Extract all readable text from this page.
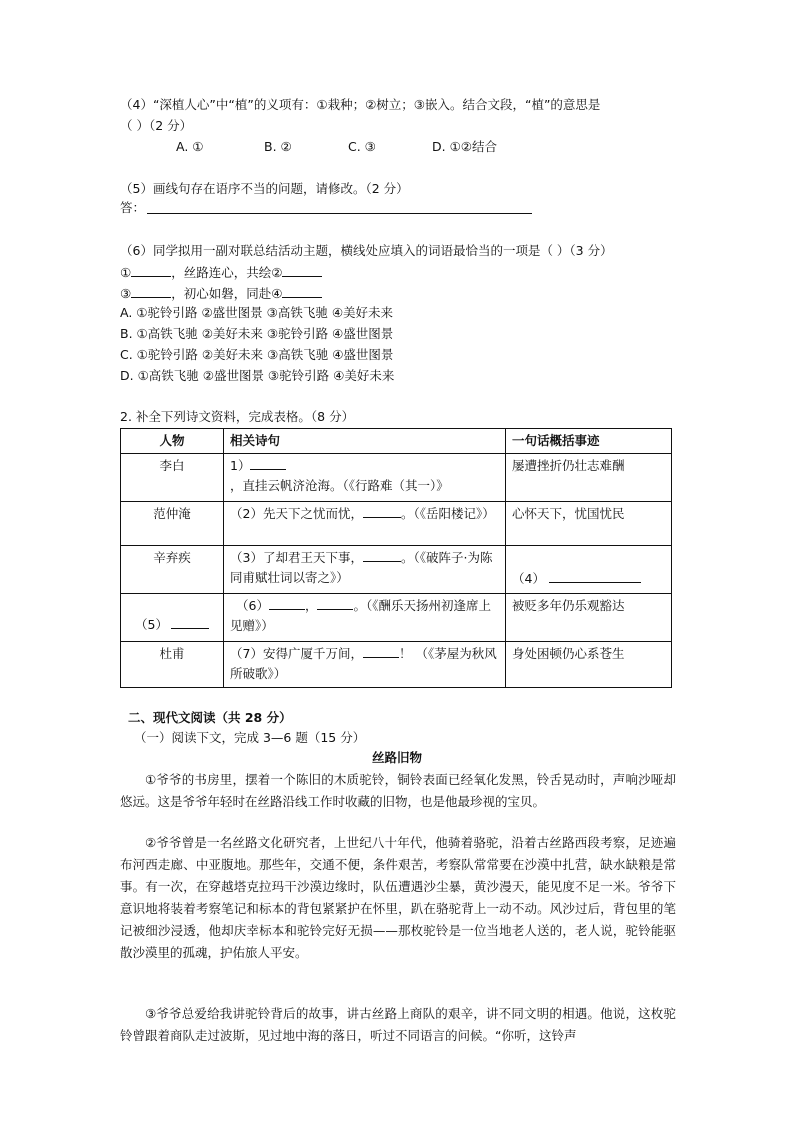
（4）“深植人心”中“植”的义项有：①栽种；②树立；③嵌入。结合文段，“植”的意思是
（ ）（2 分）
A. ①	B. ②	C. ③	D. ①②结合
（5）画线句存在语序不当的问题，请修改。（2 分）
答：
（6）同学拟用一副对联总结活动主题，横线处应填入的词语最恰当的一项是（ ）（3 分）
①	，丝路连心，共绘②
③	，初心如磐，同赴④
A. ①驼铃引路 ②盛世图景 ③高铁飞驰 ④美好未来
B. ①高铁飞驰 ②美好未来 ③驼铃引路 ④盛世图景
C. ①驼铃引路 ②美好未来 ③高铁飞驰 ④盛世图景
D. ①高铁飞驰 ②盛世图景 ③驼铃引路 ④美好未来
2. 补全下列诗文资料，完成表格。（8 分）
人物	相关诗句	一句话概括事迹
李白	1），直挂云帆济沧海。（《行路难（其一）》	屡遭挫折仍壮志难酬
范仲淹	（2）先天下之忧而忧， 。（《岳阳楼记》）	心怀天下，忧国忧民
辛弃疾	（3）了却君王天下事， 。（《破阵子·为陈同甫赋壮词以寄之》）	（4）
（5）	（6） ， 。（《酬乐天扬州初逢席上见赠》）	被贬多年仍乐观豁达
杜甫	（7）安得广厦千万间， ！ （《茅屋为秋风所破歌》）	身处困顿仍心系苍生
二、现代文阅读（共 28 分）
（一）阅读下文，完成 3—6 题（15 分）
丝路旧物
①爷爷的书房里，摆着一个陈旧的木质驼铃，铜铃表面已经氧化发黑，铃舌晃动时，声响沙哑却悠远。这是爷爷年轻时在丝路沿线工作时收藏的旧物，也是他最珍视的宝贝。
②爷爷曾是一名丝路文化研究者，上世纪八十年代，他骑着骆驼，沿着古丝路西段考察，足迹遍布河西走廊、中亚腹地。那些年，交通不便，条件艰苦，考察队常常要在沙漠中扎营，缺水缺粮是常事。有一次，在穿越塔克拉玛干沙漠边缘时，队伍遭遇沙尘暴，黄沙漫天，能见度不足一米。爷爷下意识地将装着考察笔记和标本的背包紧紧护在怀里，趴在骆驼背上一动不动。风沙过后，背包里的笔记被细沙浸透，他却庆幸标本和驼铃完好无损——那枚驼铃是一位当地老人送的，老人说，驼铃能驱散沙漠里的孤魂，护佑旅人平安。
③爷爷总爱给我讲驼铃背后的故事，讲古丝路上商队的艰辛，讲不同文明的相遇。他说，这枚驼铃曾跟着商队走过波斯，见过地中海的落日，听过不同语言的问候。“你听，这铃声
